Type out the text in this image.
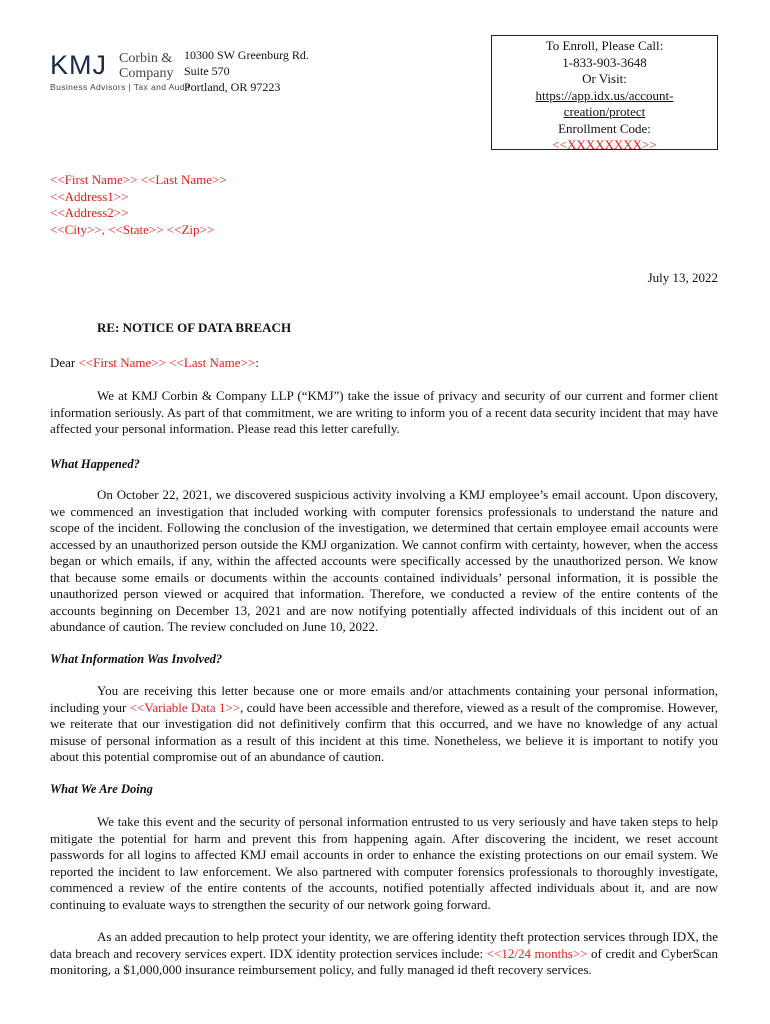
KMJ Corbin &
Company
Business Advisors | Tax and Audit
10300 SW Greenburg Rd.
Suite 570
Portland, OR 97223
To Enroll, Please Call:
1-833-903-3648
Or Visit:
https://app.idx.us/account-
creation/protect
Enrollment Code:
<<XXXXXXXX>>
<<First Name>> <<Last Name>>
<<Address1>>
<<Address2>>
<<City>>, <<State>> <<Zip>>
July 13, 2022
RE: NOTICE OF DATA BREACH
Dear <<First Name>> <<Last Name>>:

We at KMJ Corbin & Company LLP (“KMJ”) take the issue of privacy and security of our current and former client information seriously. As part of that commitment, we are writing to inform you of a recent data security incident that may have affected your personal information. Please read this letter carefully.

What Happened?

On October 22, 2021, we discovered suspicious activity involving a KMJ employee’s email account. Upon discovery, we commenced an investigation that included working with computer forensics professionals to understand the nature and scope of the incident. Following the conclusion of the investigation, we determined that certain employee email accounts were accessed by an unauthorized person outside the KMJ organization. We cannot confirm with certainty, however, when the access began or which emails, if any, within the affected accounts were specifically accessed by the unauthorized person. We know that because some emails or documents within the accounts contained individuals’ personal information, it is possible the unauthorized person viewed or acquired that information. Therefore, we conducted a review of the entire contents of the accounts beginning on December 13, 2021 and are now notifying potentially affected individuals of this incident out of an abundance of caution. The review concluded on June 10, 2022.

What Information Was Involved?

You are receiving this letter because one or more emails and/or attachments containing your personal information, including your <<Variable Data 1>>, could have been accessible and therefore, viewed as a result of the compromise. However, we reiterate that our investigation did not definitively confirm that this occurred, and we have no knowledge of any actual misuse of personal information as a result of this incident at this time. Nonetheless, we believe it is important to notify you about this potential compromise out of an abundance of caution.

What We Are Doing

We take this event and the security of personal information entrusted to us very seriously and have taken steps to help mitigate the potential for harm and prevent this from happening again. After discovering the incident, we reset account passwords for all logins to affected KMJ email accounts in order to enhance the existing protections on our email system. We reported the incident to law enforcement. We also partnered with computer forensics professionals to thoroughly investigate, commenced a review of the entire contents of the accounts, notified potentially affected individuals about it, and are now continuing to evaluate ways to strengthen the security of our network going forward.

As an added precaution to help protect your identity, we are offering identity theft protection services through IDX, the data breach and recovery services expert. IDX identity protection services include: <<12/24 months>> of credit and CyberScan monitoring, a $1,000,000 insurance reimbursement policy, and fully managed id theft recovery services.
